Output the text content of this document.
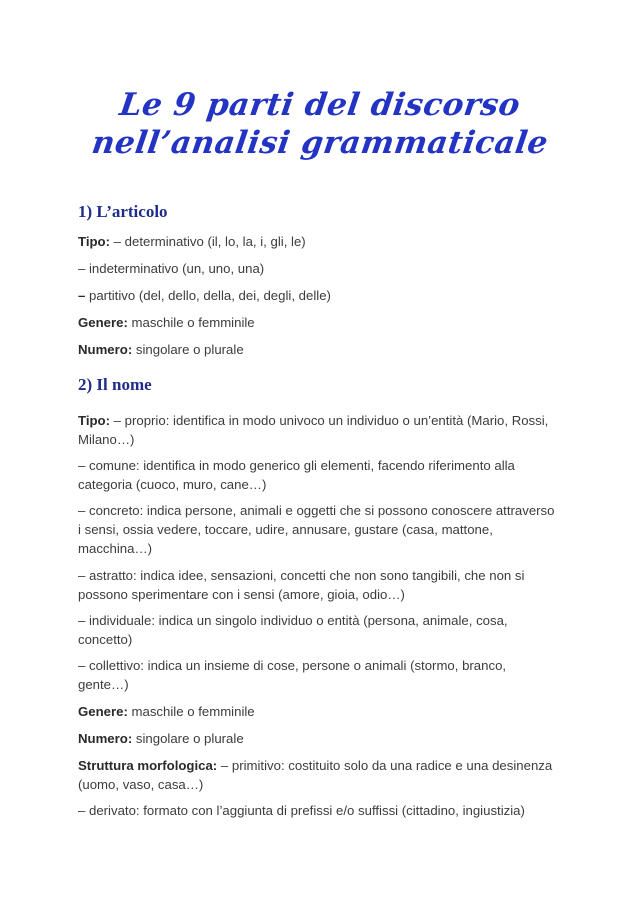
Le 9 parti del discorso
nell’analisi grammaticale
1) L’articolo

Tipo: – determinativo (il, lo, la, i, gli, le)

– indeterminativo (un, uno, una)

– partitivo (del, dello, della, dei, degli, delle)

Genere: maschile o femminile

Numero: singolare o plurale

2) Il nome

Tipo: – proprio: identifica in modo univoco un individuo o un’entità (Mario, Rossi, Milano…)

– comune: identifica in modo generico gli elementi, facendo riferimento alla categoria (cuoco, muro, cane…)

– concreto: indica persone, animali e oggetti che si possono conoscere attraverso i sensi, ossia vedere, toccare, udire, annusare, gustare (casa, mattone, macchina…)

– astratto: indica idee, sensazioni, concetti che non sono tangibili, che non si possono sperimentare con i sensi (amore, gioia, odio…)

– individuale: indica un singolo individuo o entità (persona, animale, cosa, concetto)

– collettivo: indica un insieme di cose, persone o animali (stormo, branco, gente…)

Genere: maschile o femminile

Numero: singolare o plurale

Struttura morfologica: – primitivo: costituito solo da una radice e una desinenza (uomo, vaso, casa…)

– derivato: formato con l’aggiunta di prefissi e/o suffissi (cittadino, ingiustizia)
